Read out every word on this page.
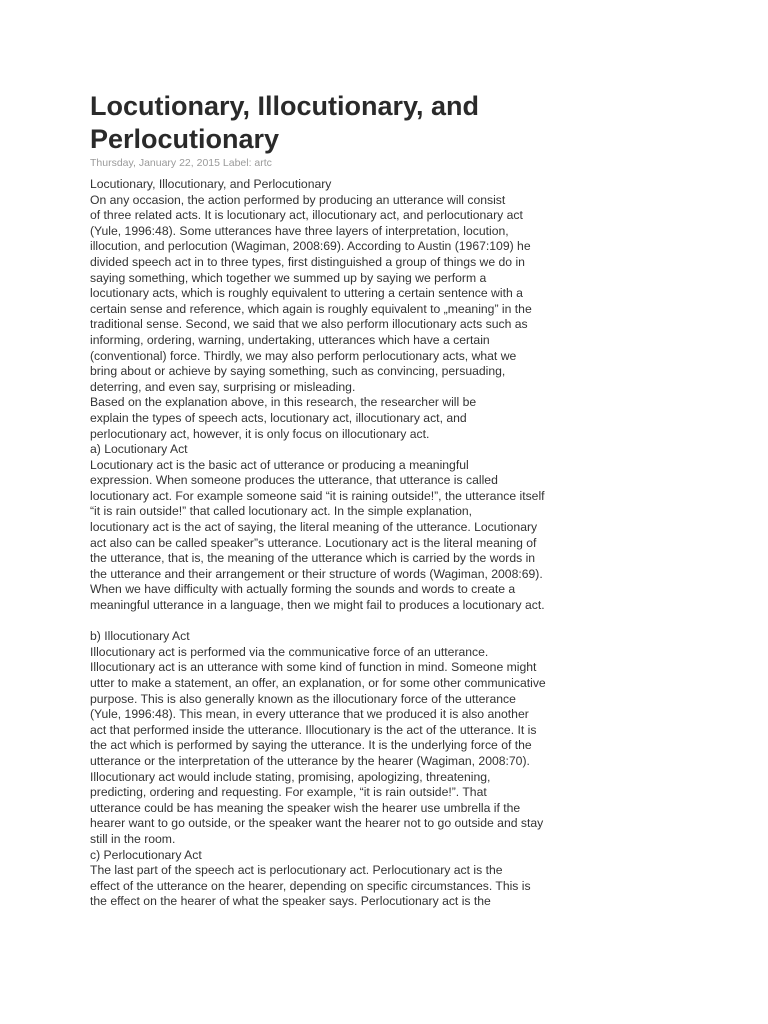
Locutionary, Illocutionary, and Perlocutionary
Thursday, January 22, 2015 Label: artc
Locutionary, Illocutionary, and Perlocutionary
On any occasion, the action performed by producing an utterance will consist
of three related acts. It is locutionary act, illocutionary act, and perlocutionary act
(Yule, 1996:48). Some utterances have three layers of interpretation, locution,
illocution, and perlocution (Wagiman, 2008:69). According to Austin (1967:109) he
divided speech act in to three types, first distinguished a group of things we do in
saying something, which together we summed up by saying we perform a
locutionary acts, which is roughly equivalent to uttering a certain sentence with a
certain sense and reference, which again is roughly equivalent to „meaning” in the
traditional sense. Second, we said that we also perform illocutionary acts such as
informing, ordering, warning, undertaking, utterances which have a certain
(conventional) force. Thirdly, we may also perform perlocutionary acts, what we
bring about or achieve by saying something, such as convincing, persuading,
deterring, and even say, surprising or misleading.
Based on the explanation above, in this research, the researcher will be
explain the types of speech acts, locutionary act, illocutionary act, and
perlocutionary act, however, it is only focus on illocutionary act.
a) Locutionary Act
Locutionary act is the basic act of utterance or producing a meaningful
expression. When someone produces the utterance, that utterance is called
locutionary act. For example someone said “it is raining outside!”, the utterance itself
“it is rain outside!” that called locutionary act. In the simple explanation,
locutionary act is the act of saying, the literal meaning of the utterance. Locutionary
act also can be called speaker”s utterance. Locutionary act is the literal meaning of
the utterance, that is, the meaning of the utterance which is carried by the words in
the utterance and their arrangement or their structure of words (Wagiman, 2008:69).
When we have difficulty with actually forming the sounds and words to create a
meaningful utterance in a language, then we might fail to produces a locutionary act.

b) Illocutionary Act
Illocutionary act is performed via the communicative force of an utterance.
Illocutionary act is an utterance with some kind of function in mind. Someone might
utter to make a statement, an offer, an explanation, or for some other communicative
purpose. This is also generally known as the illocutionary force of the utterance
(Yule, 1996:48). This mean, in every utterance that we produced it is also another
act that performed inside the utterance. Illocutionary is the act of the utterance. It is
the act which is performed by saying the utterance. It is the underlying force of the
utterance or the interpretation of the utterance by the hearer (Wagiman, 2008:70).
Illocutionary act would include stating, promising, apologizing, threatening,
predicting, ordering and requesting. For example, “it is rain outside!”. That
utterance could be has meaning the speaker wish the hearer use umbrella if the
hearer want to go outside, or the speaker want the hearer not to go outside and stay
still in the room.
c) Perlocutionary Act
The last part of the speech act is perlocutionary act. Perlocutionary act is the
effect of the utterance on the hearer, depending on specific circumstances. This is
the effect on the hearer of what the speaker says. Perlocutionary act is the
